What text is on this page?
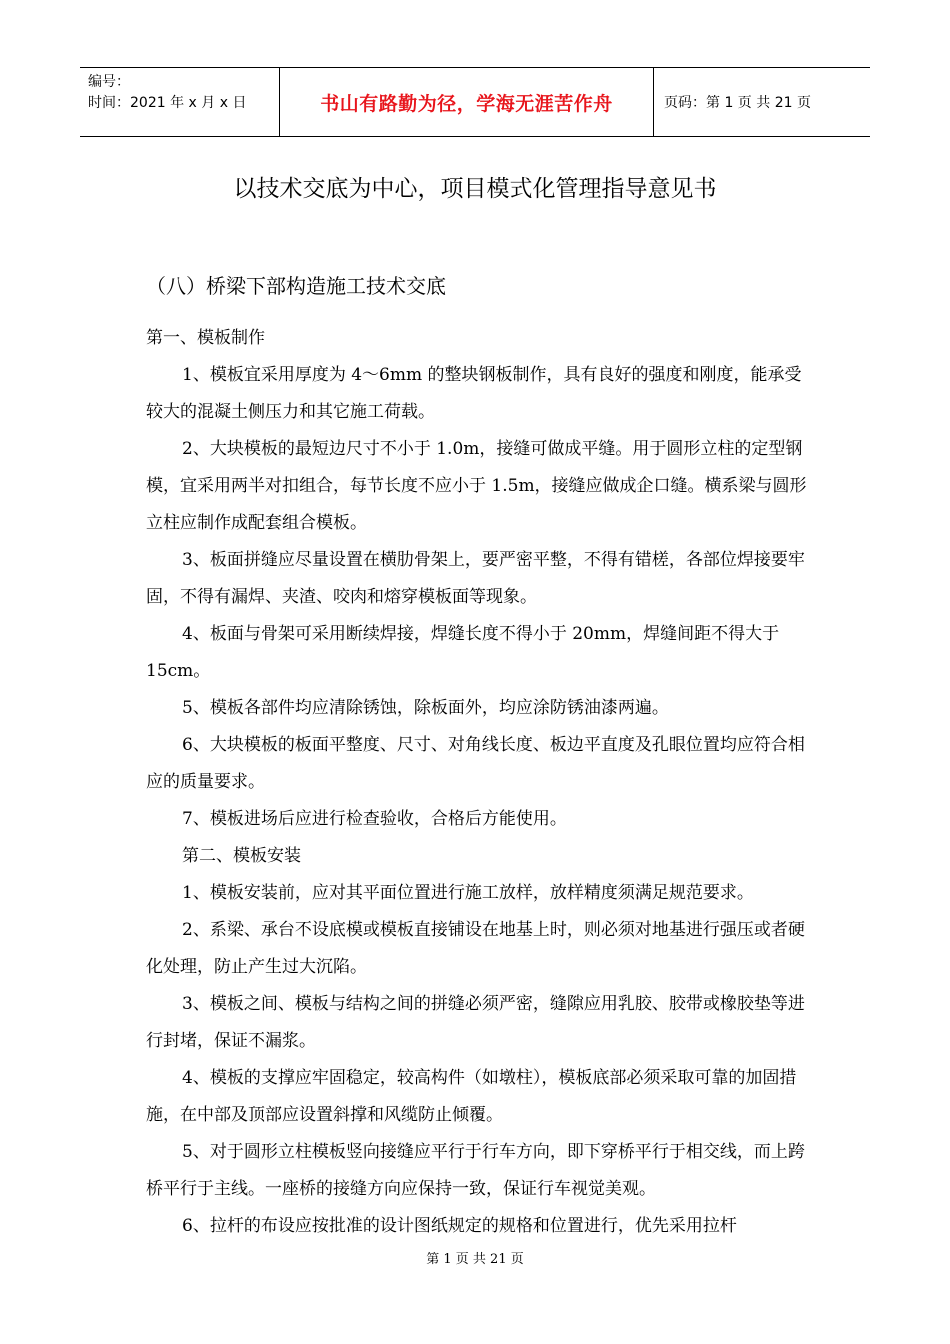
编号：
时间：2021 年 x 月 x 日	书山有路勤为径，学海无涯苦作舟	页码：第 1 页 共 21 页
以技术交底为中心，项目模式化管理指导意见书
（八）桥梁下部构造施工技术交底

第一、模板制作

1、模板宜采用厚度为 4～6mm 的整块钢板制作，具有良好的强度和刚度，能承受较大的混凝土侧压力和其它施工荷载。

2、大块模板的最短边尺寸不小于 1.0m，接缝可做成平缝。用于圆形立柱的定型钢模，宜采用两半对扣组合，每节长度不应小于 1.5m，接缝应做成企口缝。横系梁与圆形立柱应制作成配套组合模板。

3、板面拼缝应尽量设置在横肋骨架上，要严密平整，不得有错槎，各部位焊接要牢固，不得有漏焊、夹渣、咬肉和熔穿模板面等现象。

4、板面与骨架可采用断续焊接，焊缝长度不得小于 20mm，焊缝间距不得大于 15cm。

5、模板各部件均应清除锈蚀，除板面外，均应涂防锈油漆两遍。

6、大块模板的板面平整度、尺寸、对角线长度、板边平直度及孔眼位置均应符合相应的质量要求。

7、模板进场后应进行检查验收，合格后方能使用。

第二、模板安装

1、模板安装前，应对其平面位置进行施工放样，放样精度须满足规范要求。

2、系梁、承台不设底模或模板直接铺设在地基上时，则必须对地基进行强压或者硬化处理，防止产生过大沉陷。

3、模板之间、模板与结构之间的拼缝必须严密，缝隙应用乳胶、胶带或橡胶垫等进行封堵，保证不漏浆。

4、模板的支撑应牢固稳定，较高构件（如墩柱），模板底部必须采取可靠的加固措施，在中部及顶部应设置斜撑和风缆防止倾覆。

5、对于圆形立柱模板竖向接缝应平行于行车方向，即下穿桥平行于相交线，而上跨桥平行于主线。一座桥的接缝方向应保持一致，保证行车视觉美观。

6、拉杆的布设应按批准的设计图纸规定的规格和位置进行，优先采用拉杆

第 1 页 共 21 页
